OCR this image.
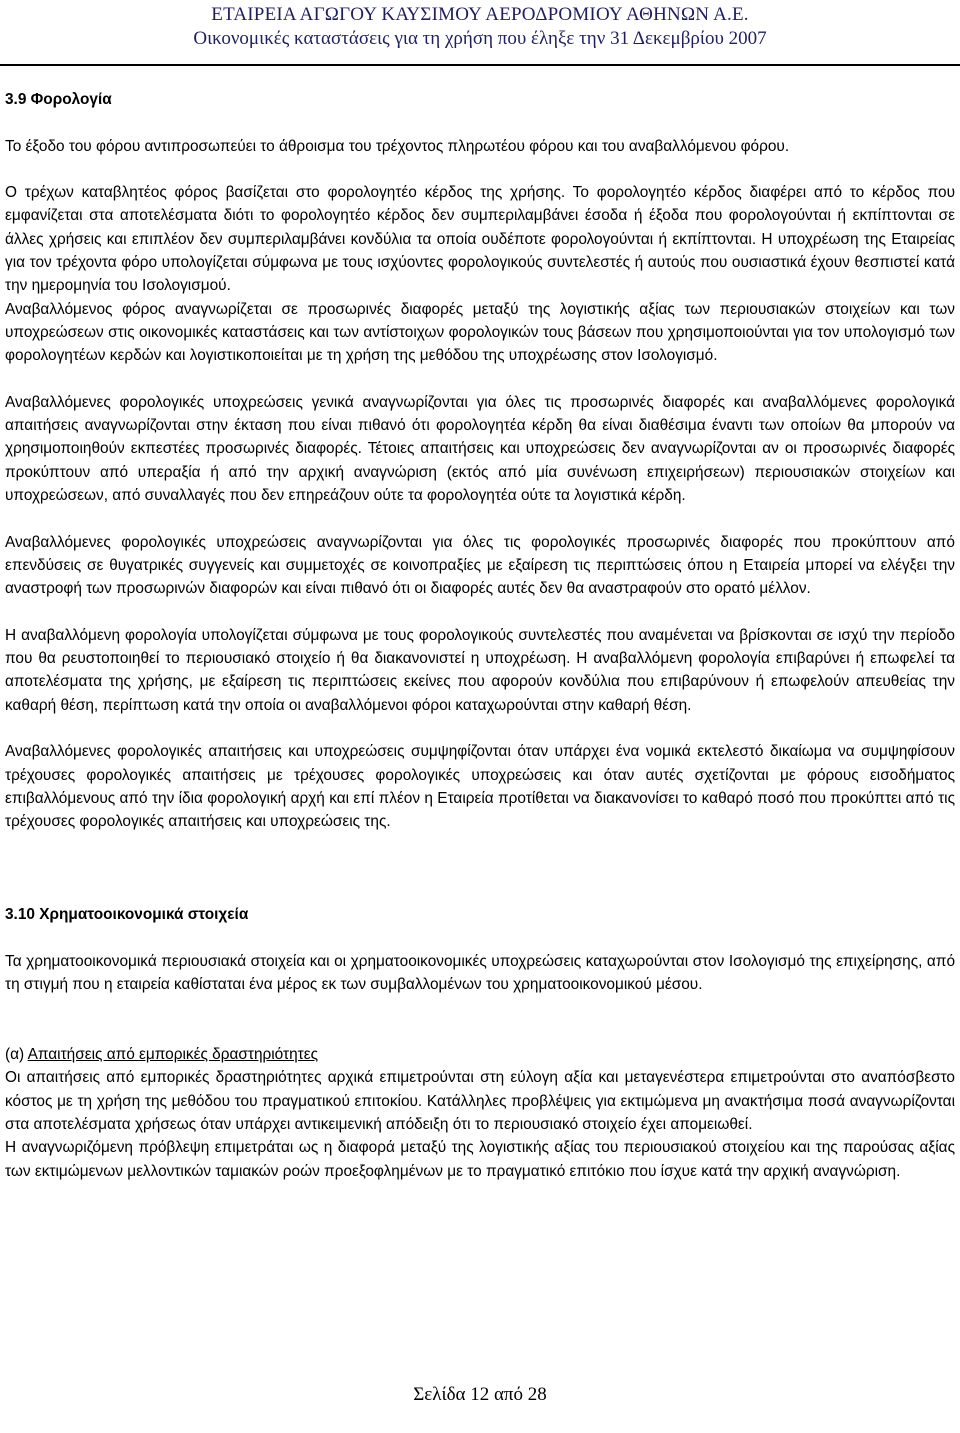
ΕΤΑΙΡΕΙΑ ΑΓΩΓΟΥ ΚΑΥΣΙΜΟΥ ΑΕΡΟΔΡΟΜΙΟΥ ΑΘΗΝΩΝ Α.Ε.
Οικονομικές καταστάσεις για τη χρήση που έληξε την 31 Δεκεμβρίου 2007
3.9 Φορολογία

Το έξοδο του φόρου αντιπροσωπεύει το άθροισμα του τρέχοντος πληρωτέου φόρου και του αναβαλλόμενου φόρου.

Ο τρέχων καταβλητέος φόρος βασίζεται στο φορολογητέο κέρδος της χρήσης. Το φορολογητέο κέρδος διαφέρει από το κέρδος που εμφανίζεται στα αποτελέσματα διότι το φορολογητέο κέρδος δεν συμπεριλαμβάνει έσοδα ή έξοδα που φορολογούνται ή εκπίπτονται σε άλλες χρήσεις και επιπλέον δεν συμπεριλαμβάνει κονδύλια τα οποία ουδέποτε φορολογούνται ή εκπίπτονται. Η υποχρέωση της Εταιρείας για τον τρέχοντα φόρο υπολογίζεται σύμφωνα με τους ισχύοντες φορολογικούς συντελεστές ή αυτούς που ουσιαστικά έχουν θεσπιστεί κατά την ημερομηνία του Ισολογισμού.

Αναβαλλόμενος φόρος αναγνωρίζεται σε προσωρινές διαφορές μεταξύ της λογιστικής αξίας των περιουσιακών στοιχείων και των υποχρεώσεων στις οικονομικές καταστάσεις και των αντίστοιχων φορολογικών τους βάσεων που χρησιμοποιούνται για τον υπολογισμό των φορολογητέων κερδών και λογιστικοποιείται με τη χρήση της μεθόδου της υποχρέωσης στον Ισολογισμό.

Αναβαλλόμενες φορολογικές υποχρεώσεις γενικά αναγνωρίζονται για όλες τις προσωρινές διαφορές και αναβαλλόμενες φορολογικά απαιτήσεις αναγνωρίζονται στην έκταση που είναι πιθανό ότι φορολογητέα κέρδη θα είναι διαθέσιμα έναντι των οποίων θα μπορούν να χρησιμοποιηθούν εκπεστέες προσωρινές διαφορές. Τέτοιες απαιτήσεις και υποχρεώσεις δεν αναγνωρίζονται αν οι προσωρινές διαφορές προκύπτουν από υπεραξία ή από την αρχική αναγνώριση (εκτός από μία συνένωση επιχειρήσεων) περιουσιακών στοιχείων και υποχρεώσεων, από συναλλαγές που δεν επηρεάζουν ούτε τα φορολογητέα ούτε τα λογιστικά κέρδη.

Αναβαλλόμενες φορολογικές υποχρεώσεις αναγνωρίζονται για όλες τις φορολογικές προσωρινές διαφορές που προκύπτουν από επενδύσεις σε θυγατρικές συγγενείς και συμμετοχές σε κοινοπραξίες με εξαίρεση τις περιπτώσεις όπου η Εταιρεία μπορεί να ελέγξει την αναστροφή των προσωρινών διαφορών και είναι πιθανό ότι οι διαφορές αυτές δεν θα αναστραφούν στο ορατό μέλλον.

Η αναβαλλόμενη φορολογία υπολογίζεται σύμφωνα με τους φορολογικούς συντελεστές που αναμένεται να βρίσκονται σε ισχύ την περίοδο που θα ρευστοποιηθεί το περιουσιακό στοιχείο ή θα διακανονιστεί η υποχρέωση. Η αναβαλλόμενη φορολογία επιβαρύνει ή επωφελεί τα αποτελέσματα της χρήσης, με εξαίρεση τις περιπτώσεις εκείνες που αφορούν κονδύλια που επιβαρύνουν ή επωφελούν απευθείας την καθαρή θέση, περίπτωση κατά την οποία οι αναβαλλόμενοι φόροι καταχωρούνται στην καθαρή θέση.

Αναβαλλόμενες φορολογικές απαιτήσεις και υποχρεώσεις συμψηφίζονται όταν υπάρχει ένα νομικά εκτελεστό δικαίωμα να συμψηφίσουν τρέχουσες φορολογικές απαιτήσεις με τρέχουσες φορολογικές υποχρεώσεις και όταν αυτές σχετίζονται με φόρους εισοδήματος επιβαλλόμενους από την ίδια φορολογική αρχή και επί πλέον η Εταιρεία προτίθεται να διακανονίσει το καθαρό ποσό που προκύπτει από τις τρέχουσες φορολογικές απαιτήσεις και υποχρεώσεις της.

3.10 Χρηματοοικονομικά στοιχεία

Τα χρηματοοικονομικά περιουσιακά στοιχεία και οι χρηματοοικονομικές υποχρεώσεις καταχωρούνται στον Ισολογισμό της επιχείρησης, από τη στιγμή που η εταιρεία καθίσταται ένα μέρος εκ των συμβαλλομένων του χρηματοοικονομικού μέσου.

(α) Απαιτήσεις από εμπορικές δραστηριότητες

Οι απαιτήσεις από εμπορικές δραστηριότητες αρχικά επιμετρούνται στη εύλογη αξία και μεταγενέστερα επιμετρούνται στο αναπόσβεστο κόστος με τη χρήση της μεθόδου του πραγματικού επιτοκίου. Κατάλληλες προβλέψεις για εκτιμώμενα μη ανακτήσιμα ποσά αναγνωρίζονται στα αποτελέσματα χρήσεως όταν υπάρχει αντικειμενική απόδειξη ότι το περιουσιακό στοιχείο έχει απομειωθεί.

Η αναγνωριζόμενη πρόβλεψη επιμετράται ως η διαφορά μεταξύ της λογιστικής αξίας του περιουσιακού στοιχείου και της παρούσας αξίας των εκτιμώμενων μελλοντικών ταμιακών ροών προεξοφλημένων με το πραγματικό επιτόκιο που ίσχυε κατά την αρχική αναγνώριση.

Σελίδα 12 από 28
